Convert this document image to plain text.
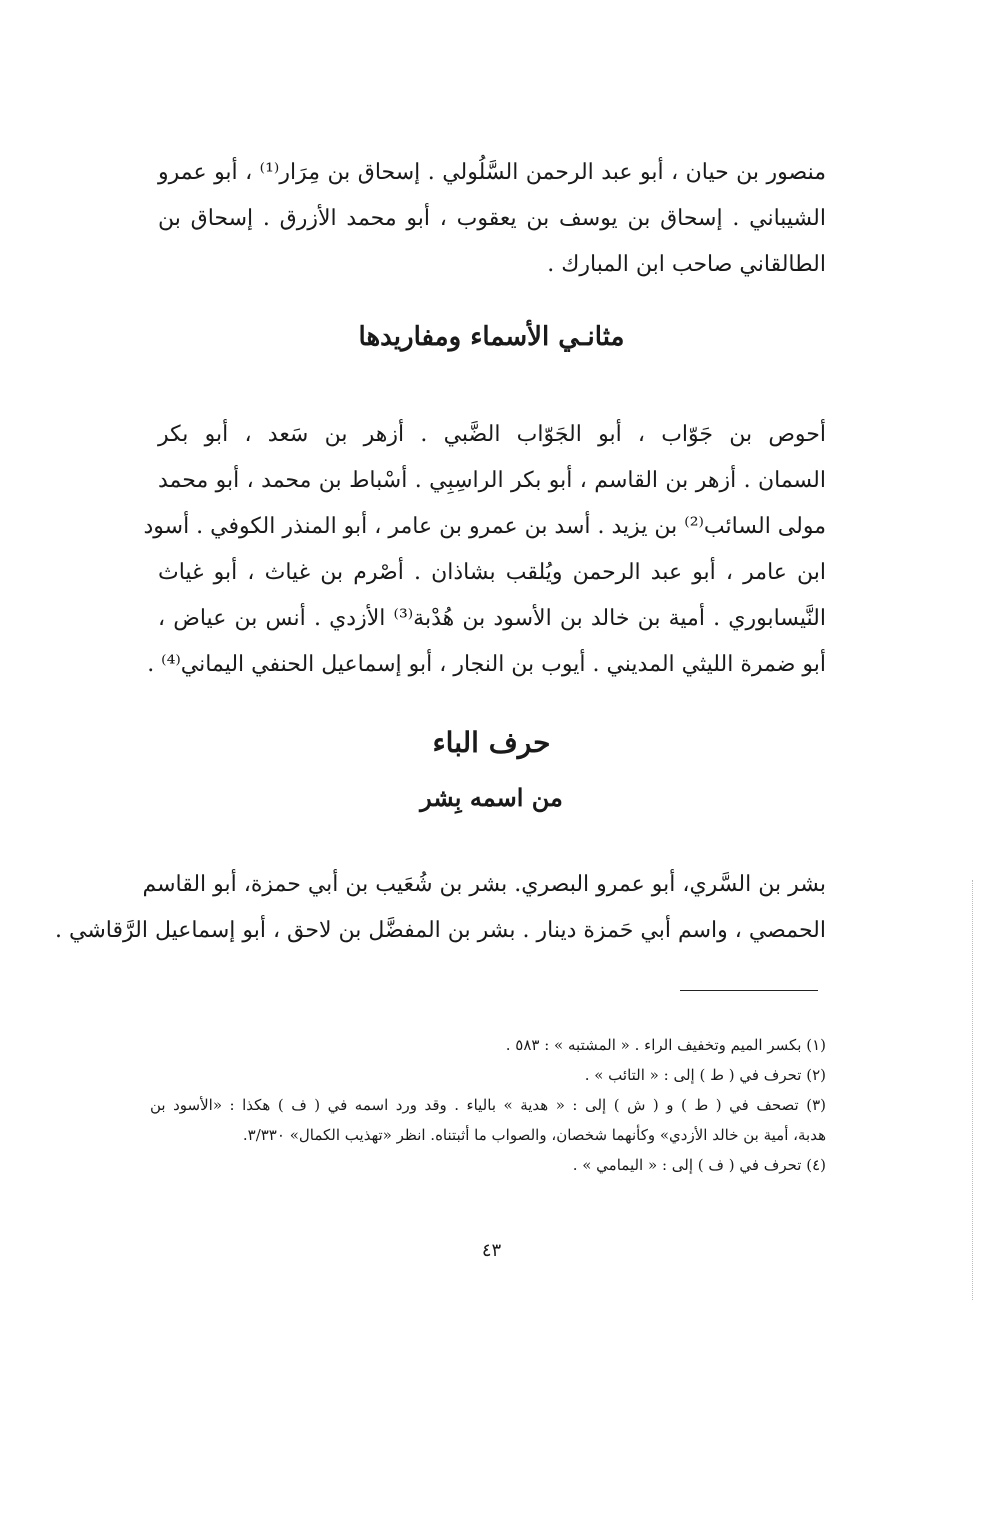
منصور بن حيان ، أبو عبد الرحمن السَّلُولي . إسحاق بن مِرَار⁽¹⁾ ، أبو عمرو
الشيباني . إسحاق بن يوسف بن يعقوب ، أبو محمد الأزرق . إسحاق بن
الطالقاني صاحب ابن المبارك .
مثانـي الأسماء ومفاريدها
أحوص بن جَوّاب ، أبو الجَوّاب الضَّبي . أزهر بن سَعد ، أبو بكر
السمان . أزهر بن القاسم ، أبو بكر الراسِبِي . أسْباط بن محمد ، أبو محمد
مولى السائب⁽²⁾ بن يزيد . أسد بن عمرو بن عامر ، أبو المنذر الكوفي . أسود
ابن عامر ، أبو عبد الرحمن ويُلقب بشاذان . أصْرم بن غياث ، أبو غياث
النَّيسابوري . أمية بن خالد بن الأسود بن هُدْبة⁽³⁾ الأزدي . أنس بن عياض ،
أبو ضمرة الليثي المديني . أيوب بن النجار ، أبو إسماعيل الحنفي اليماني⁽⁴⁾ .
حرف الباء
من اسمه بِشر
بشر بن السَّري، أبو عمرو البصري. بشر بن شُعَيب بن أبي حمزة، أبو القاسم
الحمصي ، واسم أبي حَمزة دينار . بشر بن المفضَّل بن لاحق ، أبو إسماعيل الرَّقاشي .
(١) بكسر الميم وتخفيف الراء . « المشتبه » : ٥٨٣ .
(٢) تحرف في ( ط ) إلى : « التائب » .
(٣) تصحف في ( ط ) و ( ش ) إلى : « هدية » بالياء . وقد ورد اسمه في ( ف ) هكذا : «الأسود بن
هدبة، أمية بن خالد الأزدي» وكأنهما شخصان، والصواب ما أثبتناه. انظر «تهذيب الكمال» ٣/٣٣٠.
(٤) تحرف في ( ف ) إلى : « اليمامي » .
٤٣
